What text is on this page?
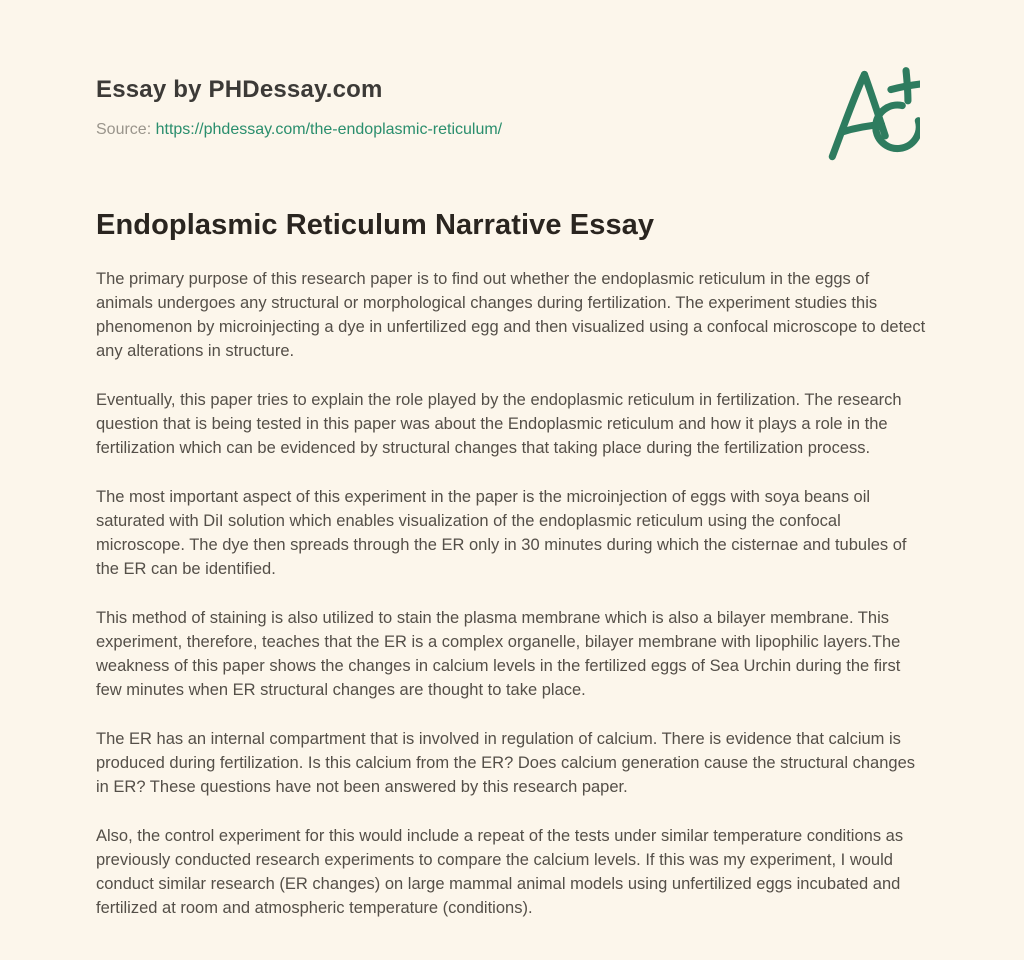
Essay by PHDessay.com
Source: https://phdessay.com/the-endoplasmic-reticulum/
Endoplasmic Reticulum Narrative Essay

The primary purpose of this research paper is to find out whether the endoplasmic reticulum in the eggs of animals undergoes any structural or morphological changes during fertilization. The experiment studies this phenomenon by microinjecting a dye in unfertilized egg and then visualized using a confocal microscope to detect any alterations in structure.

Eventually, this paper tries to explain the role played by the endoplasmic reticulum in fertilization. The research question that is being tested in this paper was about the Endoplasmic reticulum and how it plays a role in the fertilization which can be evidenced by structural changes that taking place during the fertilization process.

The most important aspect of this experiment in the paper is the microinjection of eggs with soya beans oil saturated with DiI solution which enables visualization of the endoplasmic reticulum using the confocal microscope. The dye then spreads through the ER only in 30 minutes during which the cisternae and tubules of the ER can be identified.

This method of staining is also utilized to stain the plasma membrane which is also a bilayer membrane. This experiment, therefore, teaches that the ER is a complex organelle, bilayer membrane with lipophilic layers.The weakness of this paper shows the changes in calcium levels in the fertilized eggs of Sea Urchin during the first few minutes when ER structural changes are thought to take place.

The ER has an internal compartment that is involved in regulation of calcium. There is evidence that calcium is produced during fertilization. Is this calcium from the ER? Does calcium generation cause the structural changes in ER? These questions have not been answered by this research paper.

Also, the control experiment for this would include a repeat of the tests under similar temperature conditions as previously conducted research experiments to compare the calcium levels. If this was my experiment, I would conduct similar research (ER changes) on large mammal animal models using unfertilized eggs incubated and fertilized at room and atmospheric temperature (conditions).
